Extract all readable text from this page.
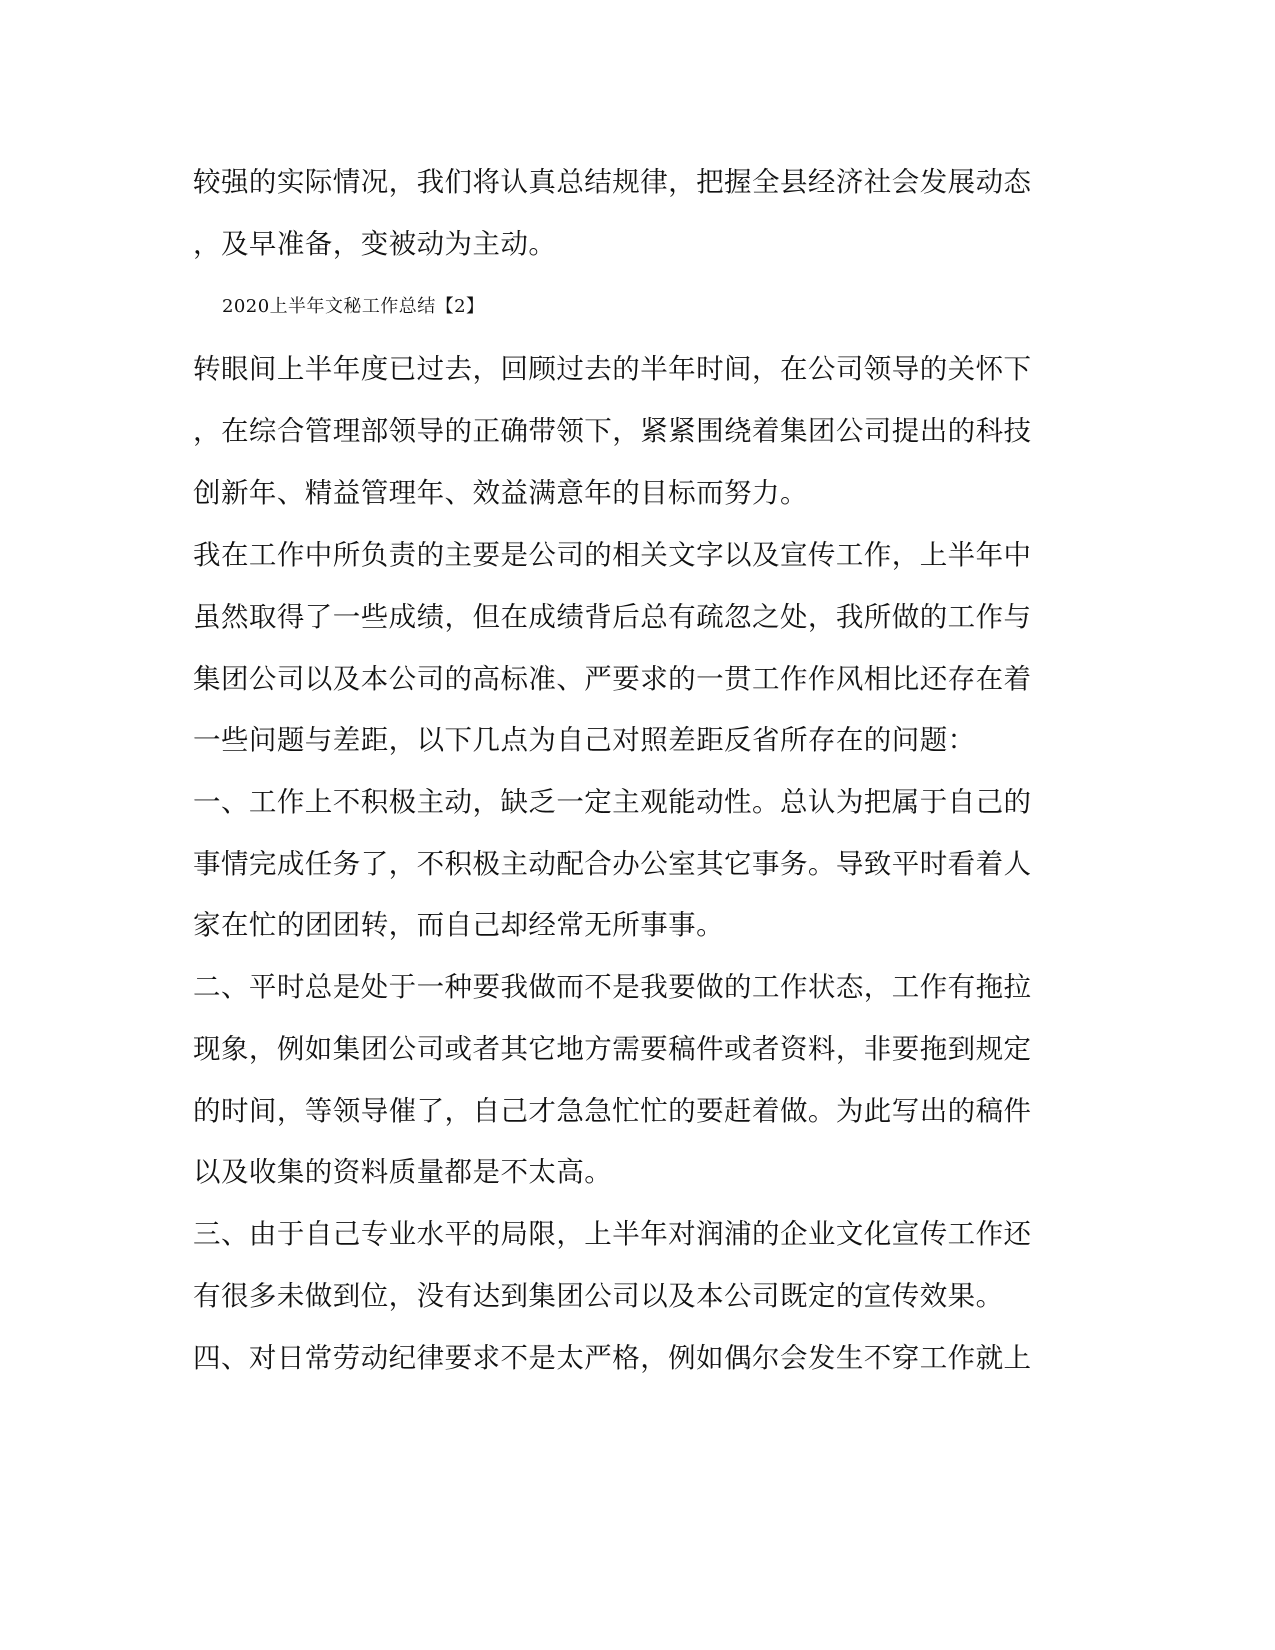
较强的实际情况，我们将认真总结规律，把握全县经济社会发展动态
，及早准备，变被动为主动。
2020上半年文秘工作总结【2】
转眼间上半年度已过去，回顾过去的半年时间，在公司领导的关怀下
，在综合管理部领导的正确带领下，紧紧围绕着集团公司提出的科技
创新年、精益管理年、效益满意年的目标而努力。
我在工作中所负责的主要是公司的相关文字以及宣传工作，上半年中
虽然取得了一些成绩，但在成绩背后总有疏忽之处，我所做的工作与
集团公司以及本公司的高标准、严要求的一贯工作作风相比还存在着
一些问题与差距，以下几点为自己对照差距反省所存在的问题：
一、工作上不积极主动，缺乏一定主观能动性。总认为把属于自己的
事情完成任务了，不积极主动配合办公室其它事务。导致平时看着人
家在忙的团团转，而自己却经常无所事事。
二、平时总是处于一种要我做而不是我要做的工作状态，工作有拖拉
现象，例如集团公司或者其它地方需要稿件或者资料，非要拖到规定
的时间，等领导催了，自己才急急忙忙的要赶着做。为此写出的稿件
以及收集的资料质量都是不太高。
三、由于自己专业水平的局限，上半年对润浦的企业文化宣传工作还
有很多未做到位，没有达到集团公司以及本公司既定的宣传效果。
四、对日常劳动纪律要求不是太严格，例如偶尔会发生不穿工作就上
